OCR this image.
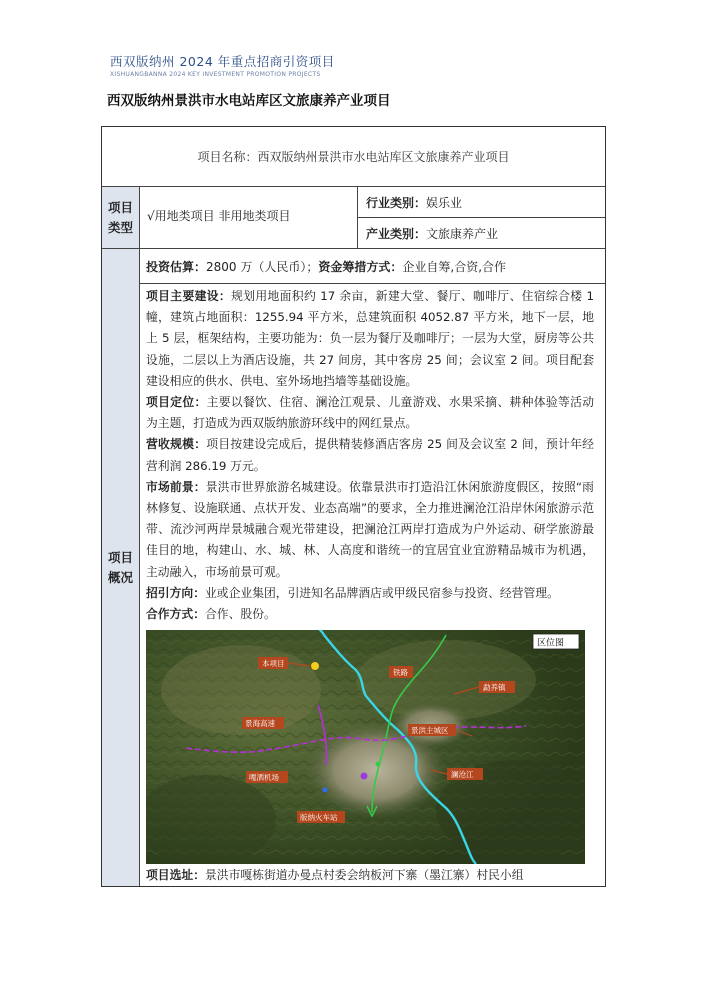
西双版纳州 2024 年重点招商引资项目
XISHUANGBANNA 2024 KEY INVESTMENT PROMOTION PROJECTS
西双版纳州景洪市水电站库区文旅康养产业项目
项目名称：西双版纳州景洪市水电站库区文旅康养产业项目
项目
类型
√用地类项目 非用地类项目
行业类别：娱乐业
产业类别：文旅康养产业
项目
概况
投资估算：2800 万（人民币）；资金筹措方式：企业自筹,合资,合作

项目主要建设：规划用地面积约 17 余亩，新建大堂、餐厅、咖啡厅、住宿综合楼 1 幢，建筑占地面积：1255.94 平方米，总建筑面积 4052.87 平方米，地下一层，地上 5 层，框架结构，主要功能为：负一层为餐厅及咖啡厅；一层为大堂，厨房等公共设施，二层以上为酒店设施，共 27 间房，其中客房 25 间；会议室 2 间。项目配套建设相应的供水、供电、室外场地挡墙等基础设施。

项目定位：主要以餐饮、住宿、澜沧江观景、儿童游戏、水果采摘、耕种体验等活动为主题，打造成为西双版纳旅游环线中的网红景点。

营收规模：项目按建设完成后，提供精装修酒店客房 25 间及会议室 2 间，预计年经营利润 286.19 万元。

市场前景：景洪市世界旅游名城建设。依靠景洪市打造沿江休闲旅游度假区，按照“雨林修复、设施联通、点状开发、业态高端”的要求，全力推进澜沧江沿岸休闲旅游示范带、流沙河两岸景城融合观光带建设，把澜沧江两岸打造成为户外运动、研学旅游最佳目的地，构建山、水、城、林、人高度和谐统一的宜居宜业宜游精品城市为机遇，主动融入，市场前景可观。

招引方向：业或企业集团，引进知名品牌酒店或甲级民宿参与投资、经营管理。

合作方式：合作、股份。

本项目
铁路
勐养镇
景海高速
景洪主城区
嘎洒机场	澜沧江
版纳火车站
区位图
项目选址：景洪市嘎栋街道办曼点村委会纳板河下寨（墨江寨）村民小组
